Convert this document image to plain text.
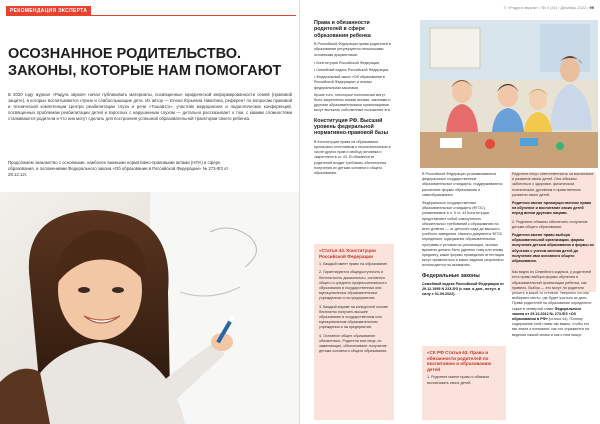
РЕКОМЕНДАЦИЯ ЭКСПЕРТА
ОСОЗНАННОЕ РОДИТЕЛЬСТВО.
ЗАКОНЫ, КОТОРЫЕ НАМ ПОМОГАЮТ

В 2020 году журнал «Радуга звуков» начал публиковать материалы, посвященные юридической информированности семей (правовой защите), в которых воспитываются глухие и слабослышащие дети. Их автор — Елена Юрьевна Никитина, референт по вопросам правовой и технической компетенции Центра реабилитации слуха и речи «Тоша&Co», участник медицинских и педагогических конференций, посвященных проблемам реабилитации детей и взрослых с нарушенным слухом — детально рассказывает о том, с какими сложностями сталкиваются родители и что они могут сделать для построения успешной образовательной траектории своего ребенка.

Продолжаем знакомство с основными, наиболее важными нормативно-правовыми актами (НПА) в сфере образования, и положениями Федерального закона «Об образовании в Российской Федерации» № 273-ФЗ от 29.12.12г.

© «Радуга звуков» / № 4 (41) / Декабрь 2022 / 99

Права и обязанности родителей в сфере образования ребенка

В Российской Федерации права родителей в образовании регулируются несколькими основными документами:

• Конституция Российской Федерации,

• Семейный кодекс Российской Федерации,

• Федеральный закон «Об образовании в Российской Федерации» и иными федеральными законами.

Кроме того, некоторые полномочия могут быть закреплены иными актами, законами и другими образовательными организациями могут вытекать собственные положения эти.

Конституция РФ. Высший уровень федеральной нормативно-правовой базы

В Конституции права на образование прописаны отчетливым и исключительным в числе других прав и свобод человека и закреплено в ст. 43. В обязанности родителей входит требовать обеспечения получения их детьми основного общего образования.

«Статья 43. Конституции Российской Федерации

1. Каждый имеет право на образование.

2. Гарантируются общедоступность и бесплатность дошкольного, основного общего и среднего профессионального образования в государственных или муниципальных образовательных учреждениях и на предприятиях.

3. Каждый вправе на конкурсной основе бесплатно получить высшее образование в государственном или муниципальном образовательном учреждении и на предприятии.

4. Основное общее образование обязательно. Родители или лица, их заменяющие, обеспечивают получение детьми основного общего образования.

В Российской Федерации устанавливаются федеральные государственные образовательные стандарты, поддерживаются различные формы образования и самообразования.

Федеральные государственные образовательные стандарты (ФГОС), упоминаемые в п. 5 ст. 43 Конституции, представляют собой совокупность обязательных требований к образованию на всех уровнях — от детского сада до высшего учебного заведения. Именно документы ФГОС определяют содержание образовательных программ и условия их реализации, сколько времени должно быть уделено тому или иному предмету, какие формы проведения аттестации могут применяться и какие задания результаты используются на экзаменах.

Федеральные законы

Семейный кодекс Российской Федерации от 29.12.1995 N 223-ФЗ (с изм. и доп., вступ. в силу с 01.09.2022).

«СК РФ Статья 63. Права и обязанности родителей по воспитанию и образованию детей

1. Родители имеют право и обязаны воспитывать своих детей.

Родители несут ответственность за воспитание и развитие своих детей. Они обязаны заботиться о здоровье, физическом, психическом, духовном и нравственном развитии своих детей.

Родители имеют преимущественное право на обучение и воспитание своих детей перед всеми другими лицами.

2. Родители обязаны обеспечить получение детьми общего образования.

Родители имеют право выбора образовательной организации, формы получения детьми образования и формы их обучения с учетом мнения детей до получения ими основного общего образования.

Как видно из Семейного кодекса, у родителей есть право выбора формы обучения и образовательной организации ребенка, как правило. Выбор — это могут ли родители решить в какой-то степени. Уверенно ли они выбирают место, где будет учиться их дети. Права родителей на образование определено также в четвертой главе Федерального закона от 29.12.2012 № 273-ФЗ «Об образовании в РФ» (статья 44). Почему содержание этой главы так важно, чтобы его мы знали и понимали, как это отражается на ведении нашей семьи и как о нем пишут.
